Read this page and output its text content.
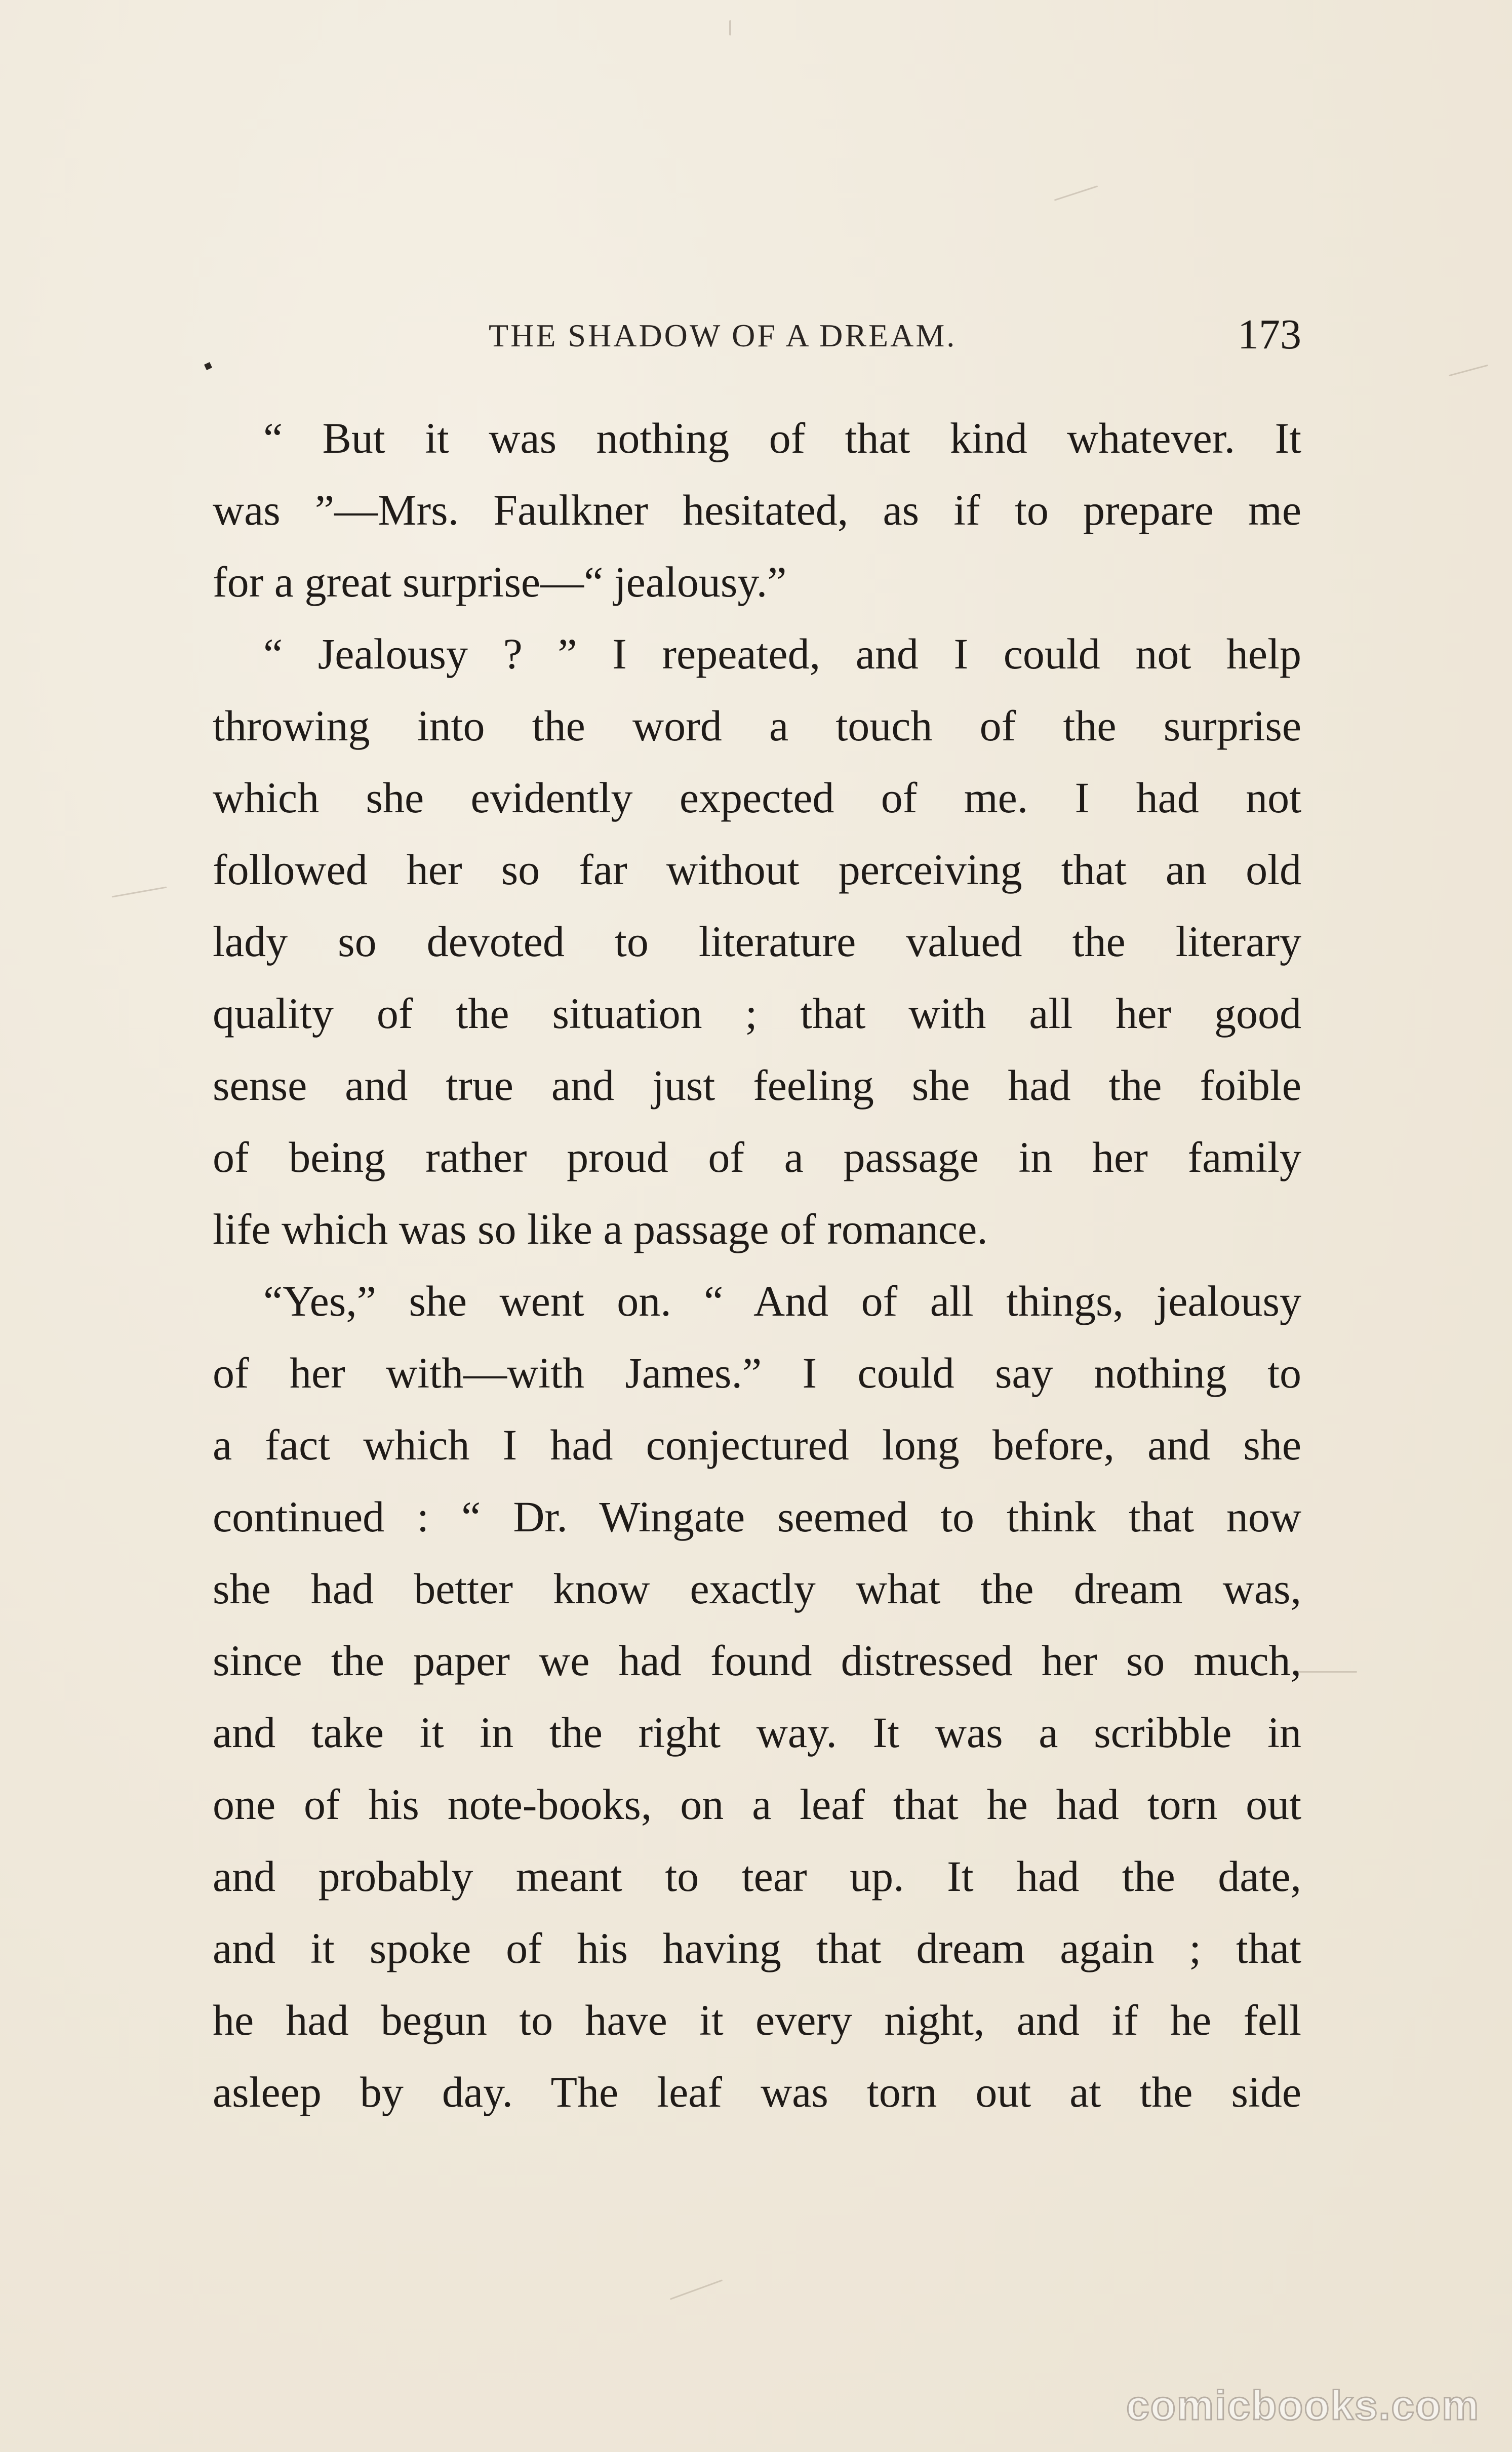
THE SHADOW OF A DREAM.	173
“ But it was nothing of that kind whatever. It
was ”—Mrs. Faulkner hesitated, as if to prepare me
for a great surprise—“ jealousy.”
“ Jealousy ? ” I repeated, and I could not help
throwing into the word a touch of the surprise
which she evidently expected of me. I had not
followed her so far without perceiving that an old
lady so devoted to literature valued the literary
quality of the situation ; that with all her good
sense and true and just feeling she had the foible
of being rather proud of a passage in her family
life which was so like a passage of romance.
“Yes,” she went on. “ And of all things, jealousy
of her with—with James.” I could say nothing to
a fact which I had conjectured long before, and she
continued : “ Dr. Wingate seemed to think that now
she had better know exactly what the dream was,
since the paper we had found distressed her so much,
and take it in the right way. It was a scribble in
one of his note-books, on a leaf that he had torn out
and probably meant to tear up. It had the date,
and it spoke of his having that dream again ; that
he had begun to have it every night, and if he fell
asleep by day. The leaf was torn out at the side
comicbooks.com
